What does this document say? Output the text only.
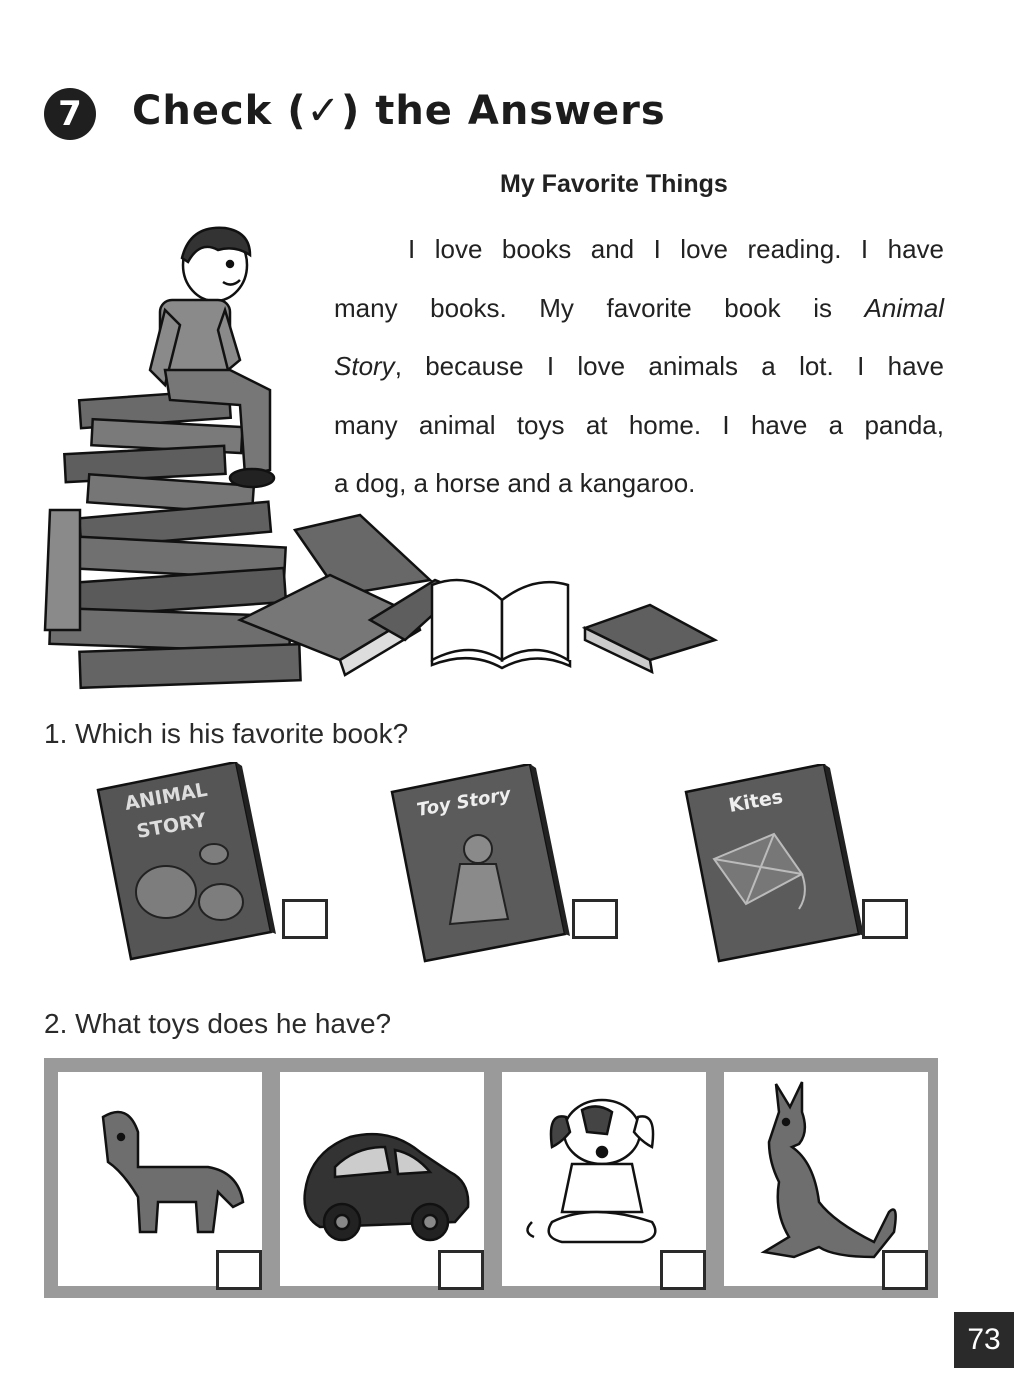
7	Check (✓) the Answers
My Favorite Things

I love books and I love reading. I have

many books. My favorite book is Animal

Story, because I love animals a lot. I have

many animal toys at home. I have a panda,

a dog, a horse and a kangaroo.

1. Which is his favorite book?
ANIMAL
STORY
Toy Story	Kites
2. What toys does he have?
73
